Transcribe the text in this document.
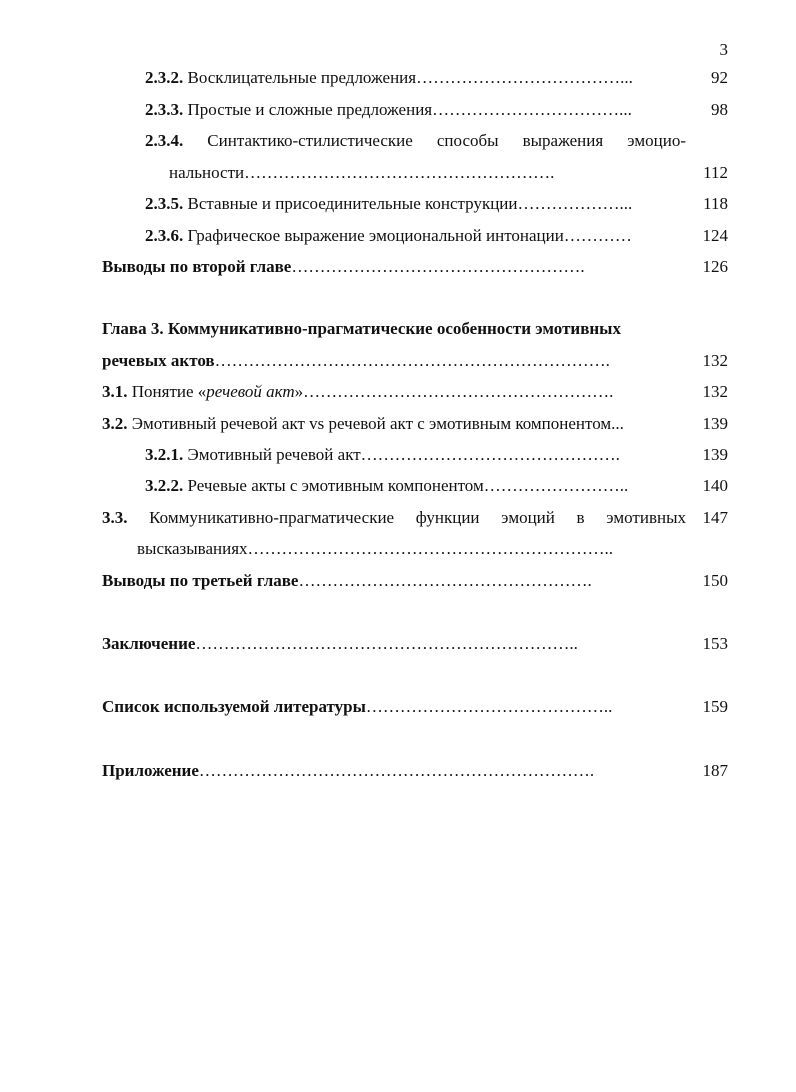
3
2.3.2. Восклицательные предложения………………………………...	92
2.3.3. Простые и сложные предложения……………………………...	98
2.3.4. Синтактико-стилистические способы выражения эмоцио-
нальности……………………………………………….	112
2.3.5. Вставные и присоединительные конструкции………………...	118
2.3.6. Графическое выражение эмоциональной интонации…………	124
Выводы по второй главе…………………………………………….	126
Глава 3. Коммуникативно-прагматические особенности эмотивных
речевых актов…………………………………………………………….	132
3.1. Понятие «речевой акт»……………………………………………….	132
3.2. Эмотивный речевой акт vs речевой акт с эмотивным компонентом...	139
3.2.1. Эмотивный речевой акт……………………………………….	139
3.2.2. Речевые акты с эмотивным компонентом……………………..	140
3.3. Коммуникативно-прагматические функции эмоций в эмотивных 147
высказываниях………………………………………………………..
Выводы по третьей главе…………………………………………….	150
Заключение…………………………………………………………..	153
Список используемой литературы……………………………………..	159
Приложение…………………………………………………………….	187
